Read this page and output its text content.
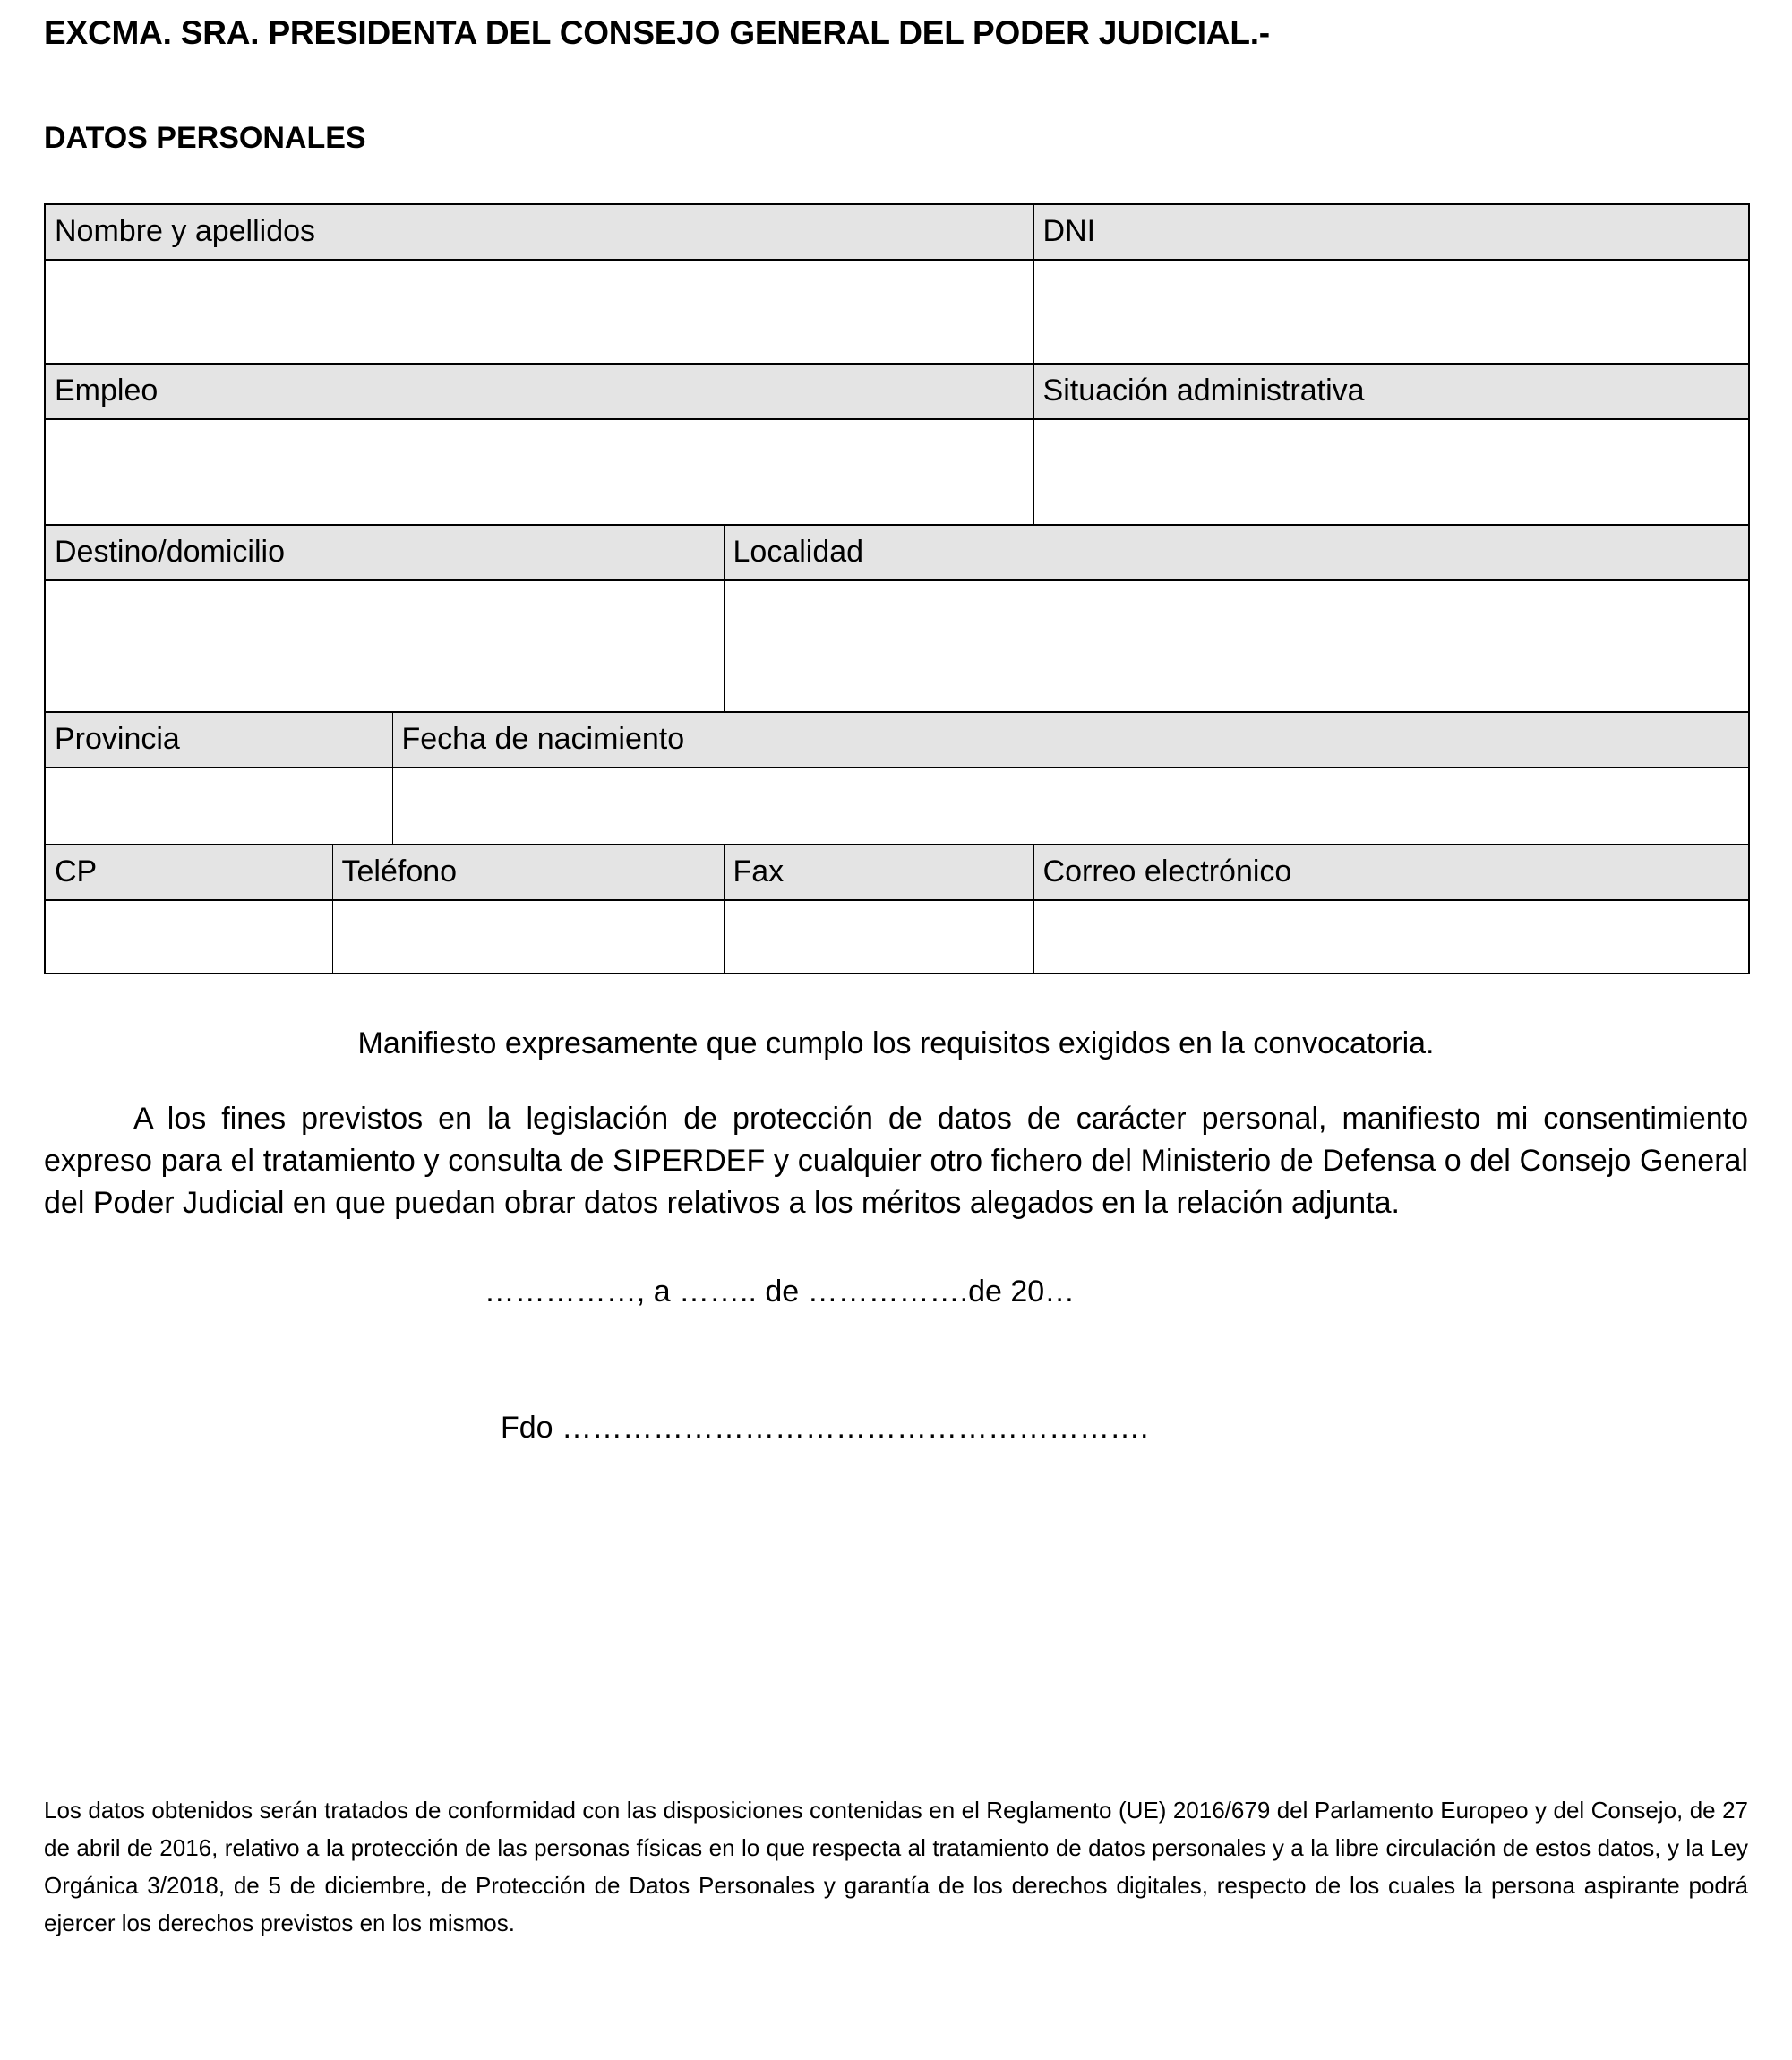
EXCMA. SRA. PRESIDENTA DEL CONSEJO GENERAL DEL PODER JUDICIAL.-
DATOS PERSONALES
Nombre y apellidos				DNI

Empleo				Situación administrativa

Destino/domicilio			Localidad	

Provincia		Fecha de nacimiento		

CP	Teléfono		Fax	Correo electrónico

Manifiesto expresamente que cumplo los requisitos exigidos en la convocatoria.

A los fines previstos en la legislación de protección de datos de carácter personal, manifiesto mi consentimiento expreso para el tratamiento y consulta de SIPERDEF y cualquier otro fichero del Ministerio de Defensa o del Consejo General del Poder Judicial en que puedan obrar datos relativos a los méritos alegados en la relación adjunta.

……………, a …….. de …………….de 20…

Fdo ………………………………………………….

Los datos obtenidos serán tratados de conformidad con las disposiciones contenidas en el Reglamento (UE) 2016/679 del Parlamento Europeo y del Consejo, de 27 de abril de 2016, relativo a la protección de las personas físicas en lo que respecta al tratamiento de datos personales y a la libre circulación de estos datos, y la Ley Orgánica 3/2018, de 5 de diciembre, de Protección de Datos Personales y garantía de los derechos digitales, respecto de los cuales la persona aspirante podrá ejercer los derechos previstos en los mismos.
